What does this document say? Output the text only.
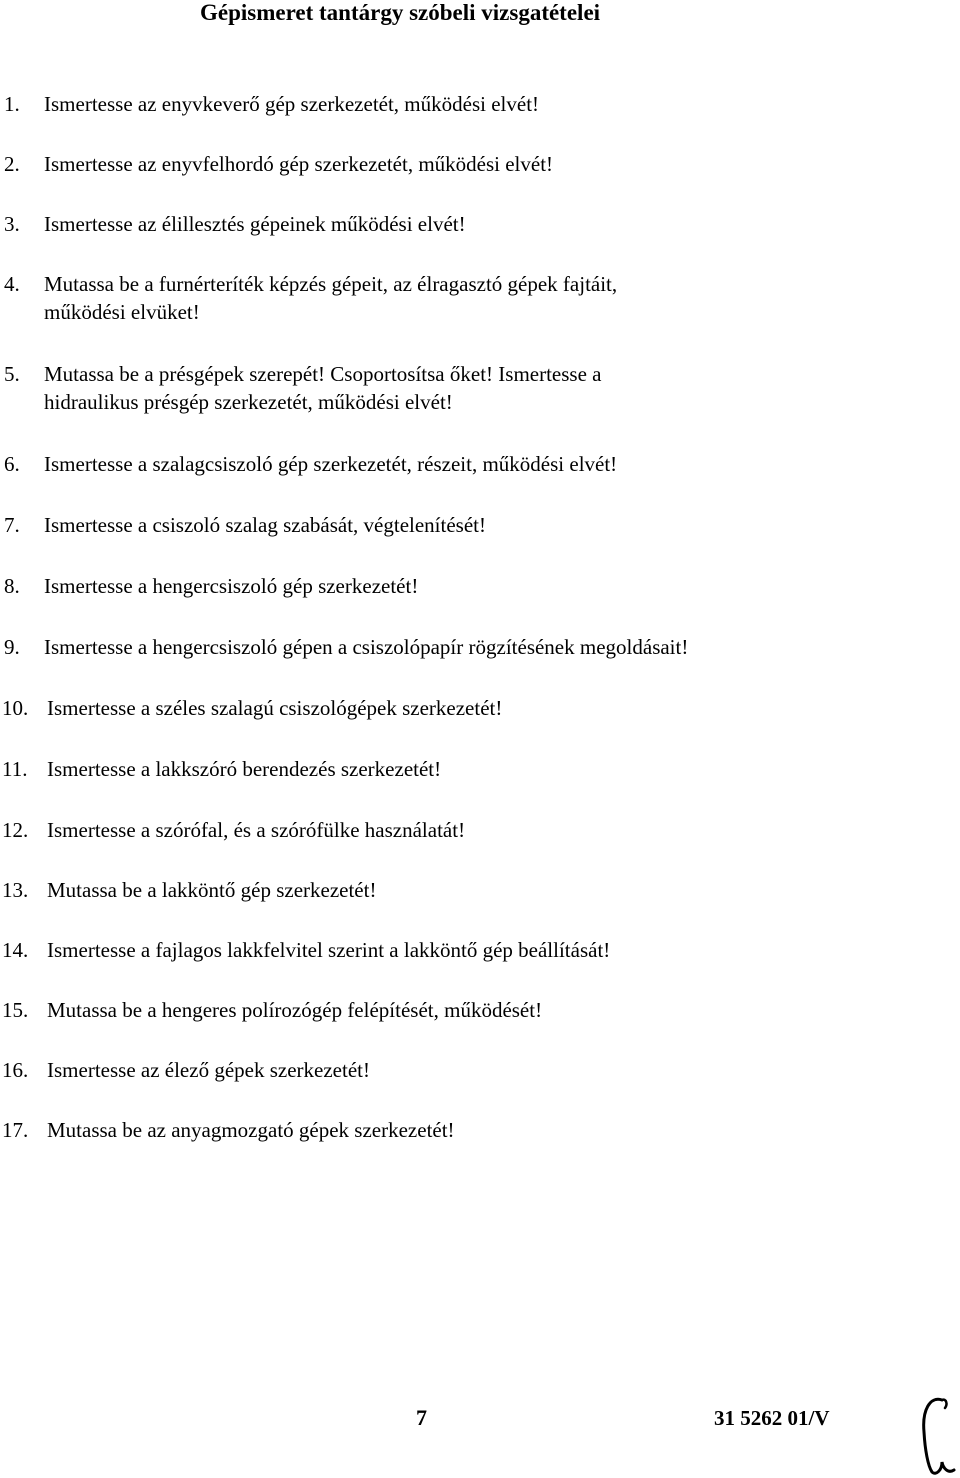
Gépismeret tantárgy szóbeli vizsgatételei
1. Ismertesse az enyvkeverő gép szerkezetét, működési elvét!
2. Ismertesse az enyvfelhordó gép szerkezetét, működési elvét!
3. Ismertesse az élillesztés gépeinek működési elvét!
4. Mutassa be a furnérteríték képzés gépeit, az élragasztó gépek fajtáit,
működési elvüket!
5. Mutassa be a présgépek szerepét! Csoportosítsa őket! Ismertesse a
hidraulikus présgép szerkezetét, működési elvét!
6. Ismertesse a szalagcsiszoló gép szerkezetét, részeit, működési elvét!
7. Ismertesse a csiszoló szalag szabását, végtelenítését!
8. Ismertesse a hengercsiszoló gép szerkezetét!
9. Ismertesse a hengercsiszoló gépen a csiszolópapír rögzítésének megoldásait!
10. Ismertesse a széles szalagú csiszológépek szerkezetét!
11. Ismertesse a lakkszóró berendezés szerkezetét!
12. Ismertesse a szórófal, és a szórófülke használatát!
13. Mutassa be a lakköntő gép szerkezetét!
14. Ismertesse a fajlagos lakkfelvitel szerint a lakköntő gép beállítását!
15. Mutassa be a hengeres polírozógép felépítését, működését!
16. Ismertesse az élező gépek szerkezetét!
17. Mutassa be az anyagmozgató gépek szerkezetét!
7	31 5262 01/V
